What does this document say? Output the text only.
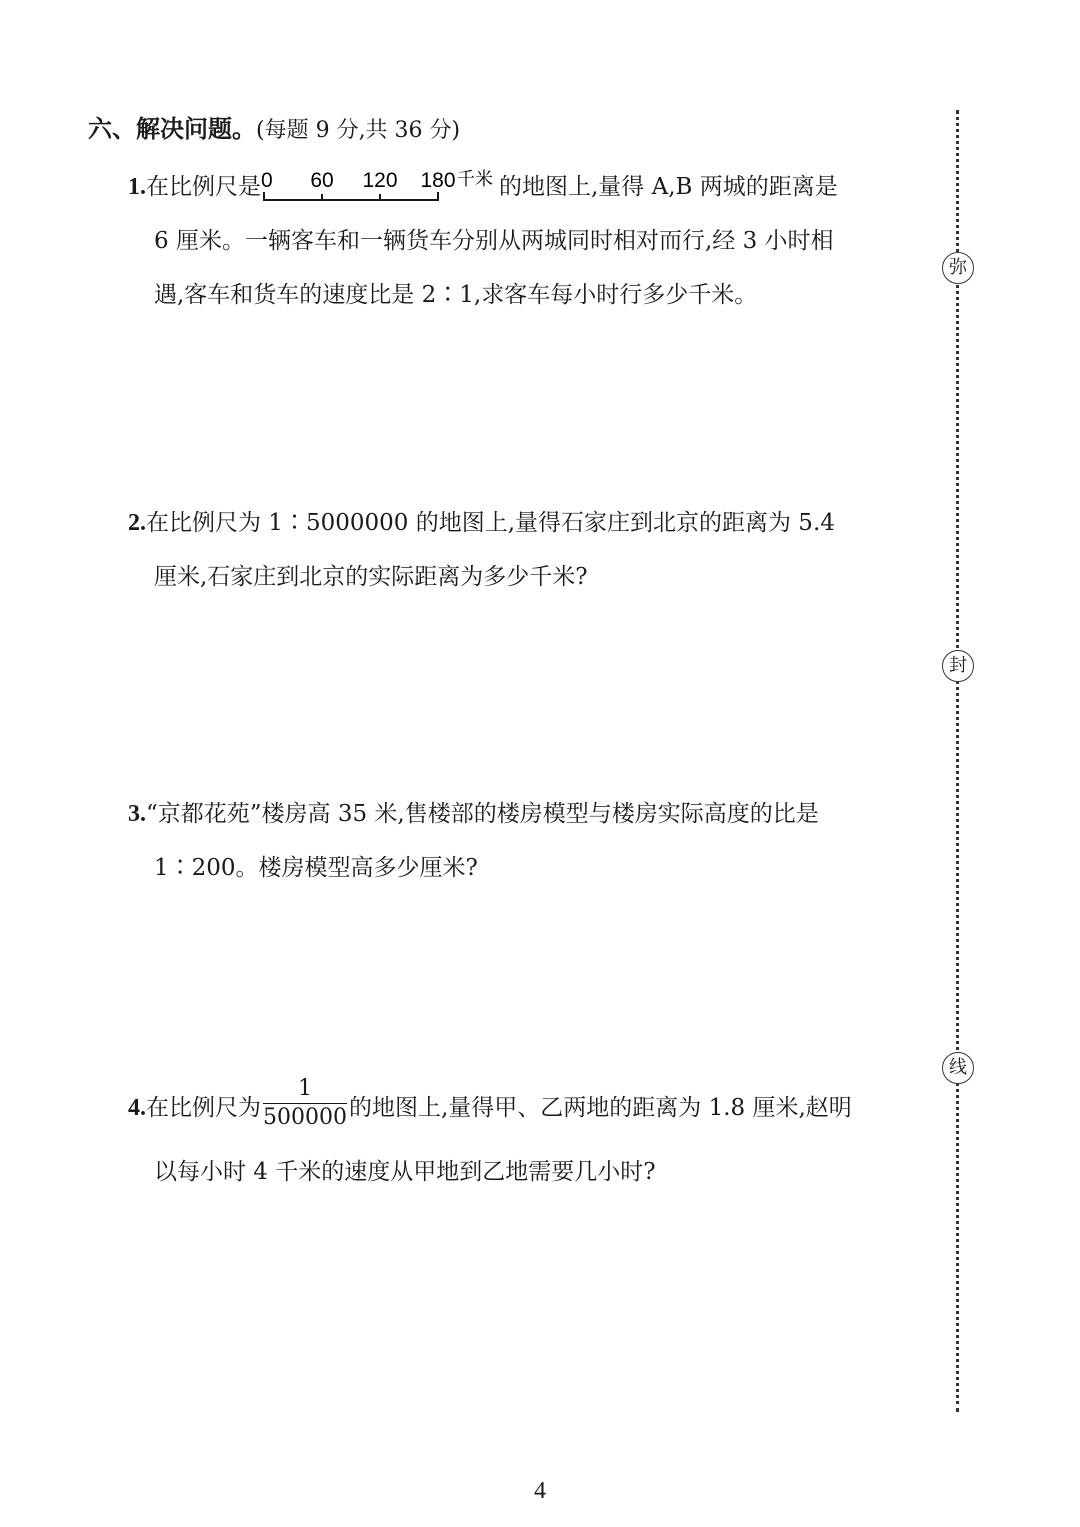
六、解决问题。(每题 9 分,共 36 分)
1.在比例尺是 0 60 120 180 千米 的地图上,量得 A,B 两城的距离是
6 厘米。一辆客车和一辆货车分别从两城同时相对而行,经 3 小时相
遇,客车和货车的速度比是 2∶1,求客车每小时行多少千米。
2.在比例尺为 1∶5000000 的地图上,量得石家庄到北京的距离为 5.4
厘米,石家庄到北京的实际距离为多少千米?
3.“京都花苑”楼房高 35 米,售楼部的楼房模型与楼房实际高度的比是
1∶200。楼房模型高多少厘米?
4.在比例尺为 $\frac{1}{500000}$ 的地图上,量得甲、乙两地的距离为 1.8 厘米,赵明
以每小时 4 千米的速度从甲地到乙地需要几小时?
弥
封
线
4
